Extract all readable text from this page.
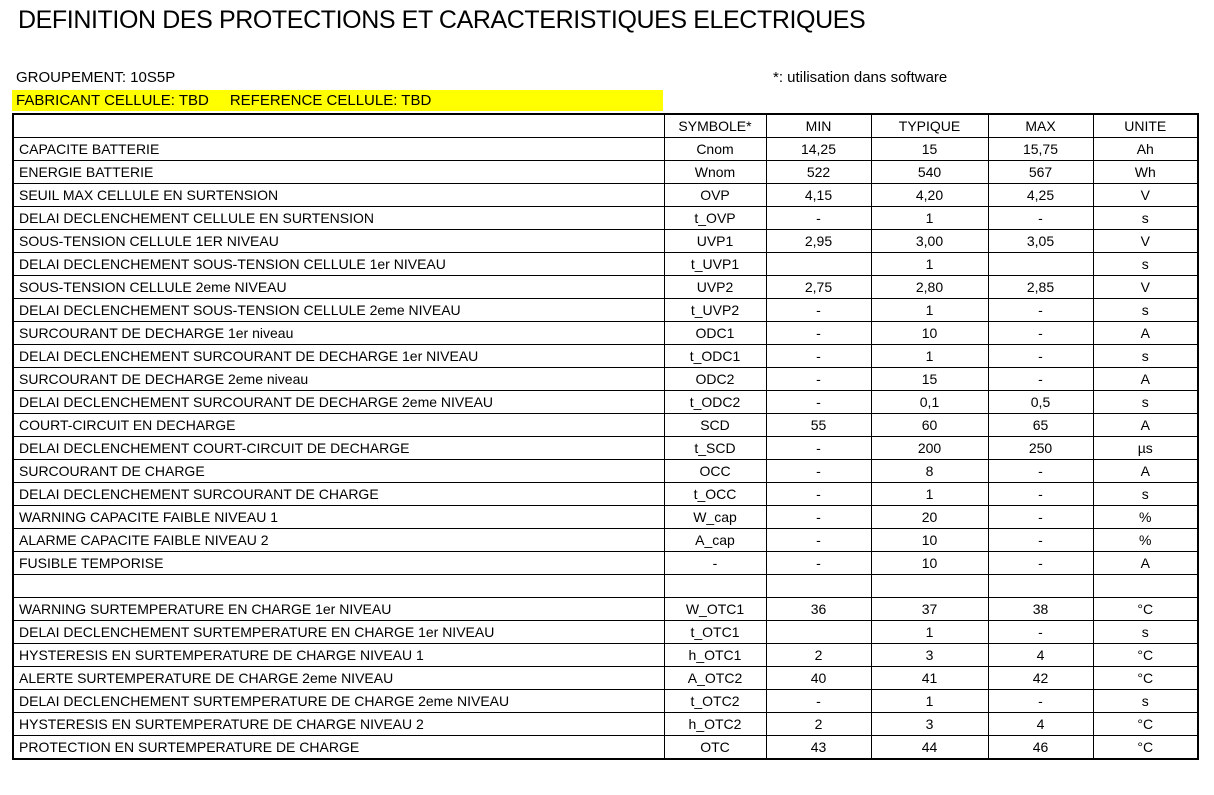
DEFINITION DES PROTECTIONS ET CARACTERISTIQUES ELECTRIQUES
GROUPEMENT: 10S5P	*: utilisation dans software
FABRICANT CELLULE: TBD REFERENCE CELLULE: TBD
	SYMBOLE*	MIN	TYPIQUE	MAX	UNITE
CAPACITE BATTERIE	Cnom	14,25	15	15,75	Ah
ENERGIE BATTERIE	Wnom	522	540	567	Wh
SEUIL MAX CELLULE EN SURTENSION	OVP	4,15	4,20	4,25	V
DELAI DECLENCHEMENT CELLULE EN SURTENSION	t_OVP	-	1	-	s
SOUS-TENSION CELLULE 1ER NIVEAU	UVP1	2,95	3,00	3,05	V
DELAI DECLENCHEMENT SOUS-TENSION CELLULE 1er NIVEAU	t_UVP1		1		s
SOUS-TENSION CELLULE 2eme NIVEAU	UVP2	2,75	2,80	2,85	V
DELAI DECLENCHEMENT SOUS-TENSION CELLULE 2eme NIVEAU	t_UVP2	-	1	-	s
SURCOURANT DE DECHARGE 1er niveau	ODC1	-	10	-	A
DELAI DECLENCHEMENT SURCOURANT DE DECHARGE 1er NIVEAU	t_ODC1	-	1	-	s
SURCOURANT DE DECHARGE 2eme niveau	ODC2	-	15	-	A
DELAI DECLENCHEMENT SURCOURANT DE DECHARGE 2eme NIVEAU	t_ODC2	-	0,1	0,5	s
COURT-CIRCUIT EN DECHARGE	SCD	55	60	65	A
DELAI DECLENCHEMENT COURT-CIRCUIT DE DECHARGE	t_SCD	-	200	250	µs
SURCOURANT DE CHARGE	OCC	-	8	-	A
DELAI DECLENCHEMENT SURCOURANT DE CHARGE	t_OCC	-	1	-	s
WARNING CAPACITE FAIBLE NIVEAU 1	W_cap	-	20	-	%
ALARME CAPACITE FAIBLE NIVEAU 2	A_cap	-	10	-	%
FUSIBLE TEMPORISE	-	-	10	-	A

WARNING SURTEMPERATURE EN CHARGE 1er NIVEAU	W_OTC1	36	37	38	°C
DELAI DECLENCHEMENT SURTEMPERATURE EN CHARGE 1er NIVEAU	t_OTC1		1	-	s
HYSTERESIS EN SURTEMPERATURE DE CHARGE NIVEAU 1	h_OTC1	2	3	4	°C
ALERTE SURTEMPERATURE DE CHARGE 2eme NIVEAU	A_OTC2	40	41	42	°C
DELAI DECLENCHEMENT SURTEMPERATURE DE CHARGE 2eme NIVEAU	t_OTC2	-	1	-	s
HYSTERESIS EN SURTEMPERATURE DE CHARGE NIVEAU 2	h_OTC2	2	3	4	°C
PROTECTION EN SURTEMPERATURE DE CHARGE	OTC	43	44	46	°C
